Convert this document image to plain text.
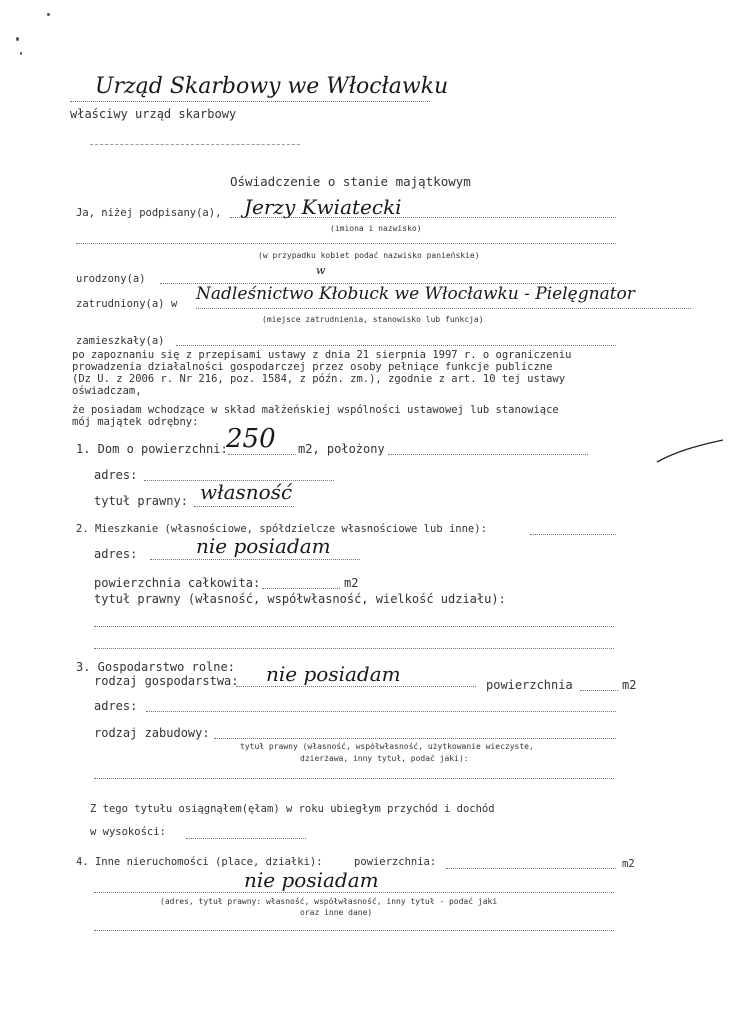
Urząd Skarbowy we Włocławku
właściwy urząd skarbowy
Oświadczenie o stanie majątkowym
Ja, niżej podpisany(a), Jerzy Kwiatecki
(imiona i nazwisko)
(w przypadku kobiet podać nazwisko panieńskie)
urodzony(a)
w
zatrudniony(a) w Nadleśnictwo Kłobuck we Włocławku - Pielęgnator
(miejsce zatrudnienia, stanowisko lub funkcja)
zamieszkały(a)
po zapoznaniu się z przepisami ustawy z dnia 21 sierpnia 1997 r. o ograniczeniu
prowadzenia działalności gospodarczej przez osoby pełniące funkcje publiczne
(Dz U. z 2006 r. Nr 216, poz. 1584, z późn. zm.), zgodnie z art. 10 tej ustawy
oświadczam,
że posiadam wchodzące w skład małżeńskiej wspólności ustawowej lub stanowiące
mój majątek odrębny:
1. Dom o powierzchni:
250 m2, położony
adres:
tytuł prawny: własność
2. Mieszkanie (własnościowe, spółdzielcze własnościowe lub inne):
adres:	nie posiadam
powierzchnia całkowita:	m2
tytuł prawny (własność, współwłasność, wielkość udziału):
3. Gospodarstwo rolne:
rodzaj gospodarstwa: nie posiadam	powierzchnia	m2
adres:
rodzaj zabudowy:
tytuł prawny (własność, współwłasność, użytkowanie wieczyste,
dzierżawa, inny tytuł, podać jaki):
Z tego tytułu osiągnąłem(ęłam) w roku ubiegłym przychód i dochód
w wysokości:
4. Inne nieruchomości (place, działki):	powierzchnia:	m2
nie posiadam
(adres, tytuł prawny: własność, współwłasność, inny tytuł - podać jaki
oraz inne dane)
